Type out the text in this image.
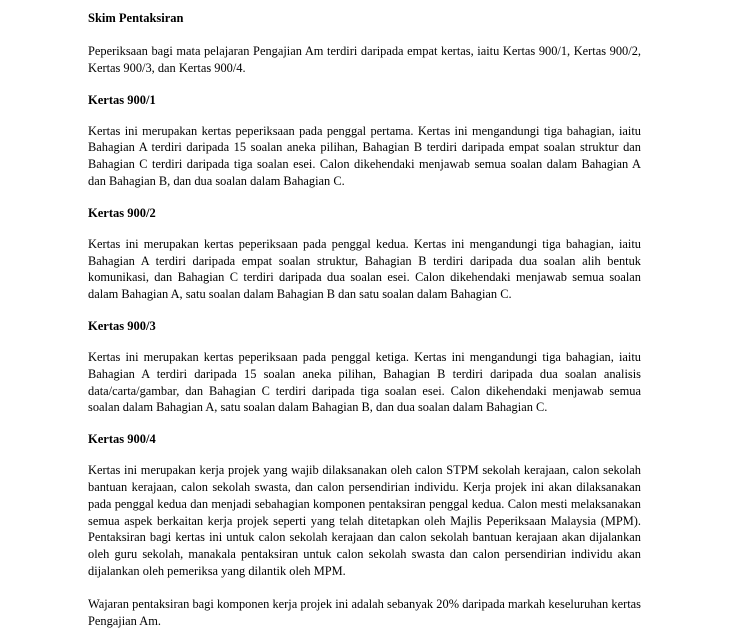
Skim Pentaksiran

Peperiksaan bagi mata pelajaran Pengajian Am terdiri daripada empat kertas, iaitu Kertas 900/1, Kertas 900/2, Kertas 900/3, dan Kertas 900/4.

Kertas 900/1

Kertas ini merupakan kertas peperiksaan pada penggal pertama. Kertas ini mengandungi tiga bahagian, iaitu Bahagian A terdiri daripada 15 soalan aneka pilihan, Bahagian B terdiri daripada empat soalan struktur dan Bahagian C terdiri daripada tiga soalan esei. Calon dikehendaki menjawab semua soalan dalam Bahagian A dan Bahagian B, dan dua soalan dalam Bahagian C.

Kertas 900/2

Kertas ini merupakan kertas peperiksaan pada penggal kedua. Kertas ini mengandungi tiga bahagian, iaitu Bahagian A terdiri daripada empat soalan struktur, Bahagian B terdiri daripada dua soalan alih bentuk komunikasi, dan Bahagian C terdiri daripada dua soalan esei. Calon dikehendaki menjawab semua soalan dalam Bahagian A, satu soalan dalam Bahagian B dan satu soalan dalam Bahagian C.

Kertas 900/3

Kertas ini merupakan kertas peperiksaan pada penggal ketiga. Kertas ini mengandungi tiga bahagian, iaitu Bahagian A terdiri daripada 15 soalan aneka pilihan, Bahagian B terdiri daripada dua soalan analisis data/carta/gambar, dan Bahagian C terdiri daripada tiga soalan esei. Calon dikehendaki menjawab semua soalan dalam Bahagian A, satu soalan dalam Bahagian B, dan dua soalan dalam Bahagian C.

Kertas 900/4

Kertas ini merupakan kerja projek yang wajib dilaksanakan oleh calon STPM sekolah kerajaan, calon sekolah bantuan kerajaan, calon sekolah swasta, dan calon persendirian individu. Kerja projek ini akan dilaksanakan pada penggal kedua dan menjadi sebahagian komponen pentaksiran penggal kedua. Calon mesti melaksanakan semua aspek berkaitan kerja projek seperti yang telah ditetapkan oleh Majlis Peperiksaan Malaysia (MPM). Pentaksiran bagi kertas ini untuk calon sekolah kerajaan dan calon sekolah bantuan kerajaan akan dijalankan oleh guru sekolah, manakala pentaksiran untuk calon sekolah swasta dan calon persendirian individu akan dijalankan oleh pemeriksa yang dilantik oleh MPM.

Wajaran pentaksiran bagi komponen kerja projek ini adalah sebanyak 20% daripada markah keseluruhan kertas Pengajian Am.
